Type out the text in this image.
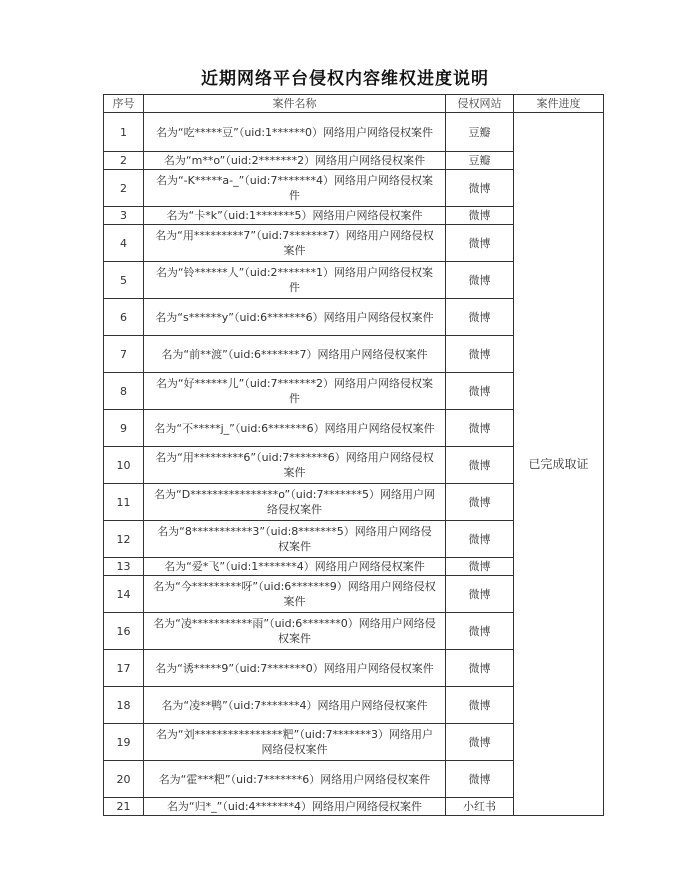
近期网络平台侵权内容维权进度说明
序号	案件名称	侵权网站	案件进度
1	名为“吃*****豆”（uid:1******0）网络用户网络侵权案件	豆瓣	已完成取证
2	名为“m**o”（uid:2*******2）网络用户网络侵权案件	豆瓣	
2	名为“-K*****a-_”（uid:7*******4）网络用户网络侵权案件	微博	
3	名为“卡*k”（uid:1*******5）网络用户网络侵权案件	微博	
4	名为“用*********7”（uid:7*******7）网络用户网络侵权案件	微博	
5	名为“铃******人”（uid:2*******1）网络用户网络侵权案件	微博	
6	名为“s******y”（uid:6*******6）网络用户网络侵权案件	微博	
7	名为“前**渡”（uid:6*******7）网络用户网络侵权案件	微博	
8	名为“好******儿”（uid:7*******2）网络用户网络侵权案件	微博	
9	名为“不*****j_”（uid:6*******6）网络用户网络侵权案件	微博	
10	名为“用*********6”（uid:7*******6）网络用户网络侵权案件	微博	
11	名为“D****************o”（uid:7*******5）网络用户网络侵权案件	微博	
12	名为“8***********3”（uid:8*******5）网络用户网络侵权案件	微博	
13	名为“爱*飞”（uid:1*******4）网络用户网络侵权案件	微博	
14	名为“今*********呀”（uid:6*******9）网络用户网络侵权案件	微博	
16	名为“凌***********雨”（uid:6*******0）网络用户网络侵权案件	微博	
17	名为“诱*****9”（uid:7*******0）网络用户网络侵权案件	微博	
18	名为“凌**鸭”（uid:7*******4）网络用户网络侵权案件	微博	
19	名为“刘****************粑”（uid:7*******3）网络用户网络侵权案件	微博	
20	名为“霍***粑”（uid:7*******6）网络用户网络侵权案件	微博	
21	名为“归*_”（uid:4*******4）网络用户网络侵权案件	小红书	
